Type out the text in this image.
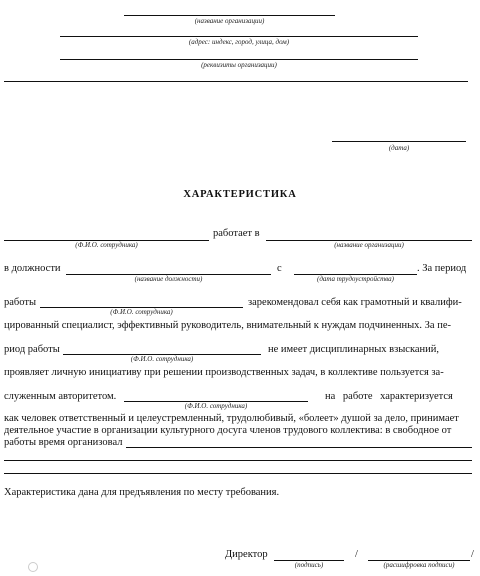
(название организации)
(адрес: индекс, город, улица, дом)
(реквизиты организации)
(дата)
ХАРАКТЕРИСТИКА
работает в
(Ф.И.О. сотрудника)	(название организации)
в должности	с	. За период
(название должности)	(дата трудоустройства)
работы	зарекомендовал себя как грамотный и квалифи-
(Ф.И.О. сотрудника)
цированный специалист, эффективный руководитель, внимательный к нуждам подчиненных. За пе-
риод работы	не имеет дисциплинарных взысканий,
(Ф.И.О. сотрудника)
проявляет личную инициативу при решении производственных задач, в коллективе пользуется за-
служенным авторитетом.	на работе характеризуется
(Ф.И.О. сотрудника)
как человек ответственный и целеустремленный, трудолюбивый, «болеет» душой за дело, принимает
деятельное участие в организации культурного досуга членов трудового коллектива: в свободное от
работы время организовал
Характеристика дана для предъявления по месту требования.
Директор	/	/
(подпись)	(расшифровка подписи)
